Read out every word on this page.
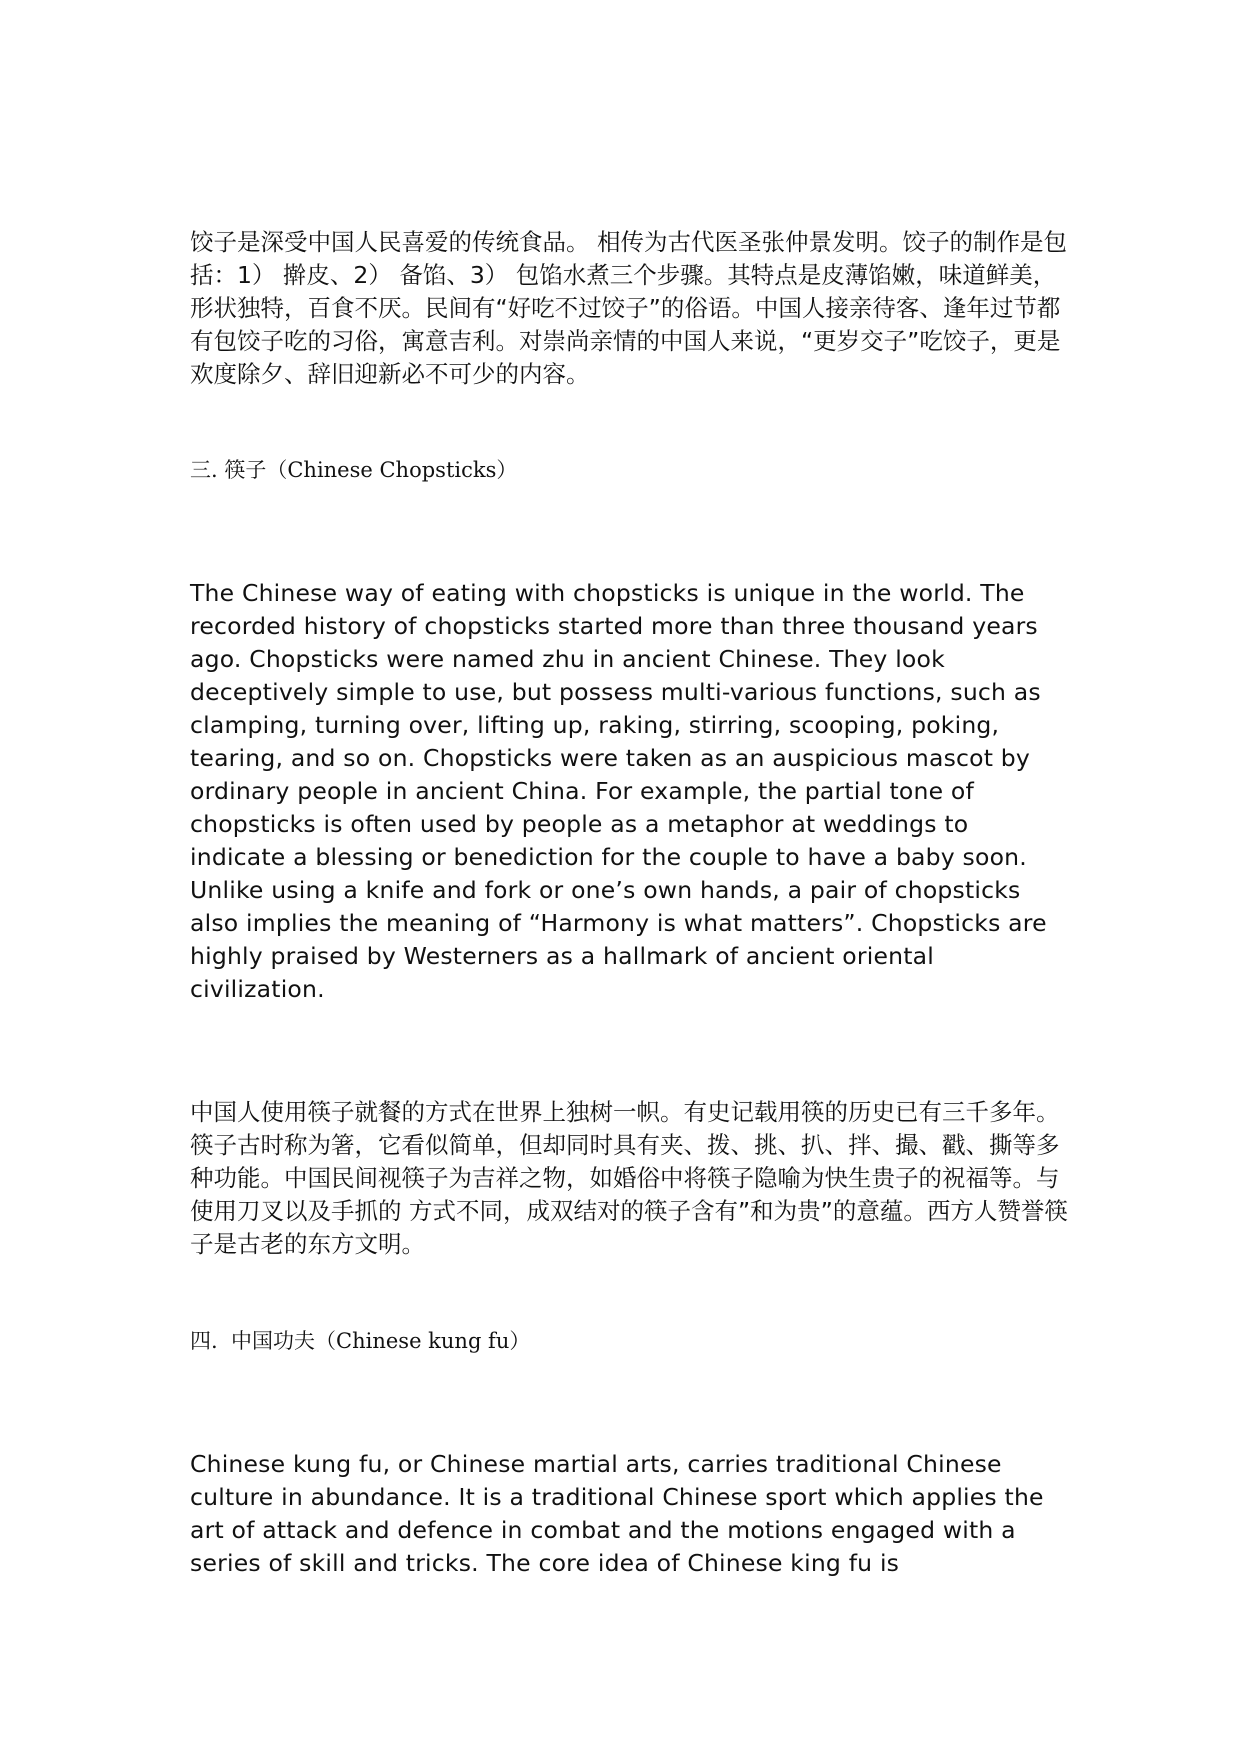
饺子是深受中国人民喜爱的传统食品。 相传为古代医圣张仲景发明。饺子的制作是包括：1） 擀皮、2） 备馅、3） 包馅水煮三个步骤。其特点是皮薄馅嫩，味道鲜美，形状独特，百食不厌。民间有“好吃不过饺子”的俗语。中国人接亲待客、逢年过节都有包饺子吃的习俗，寓意吉利。对崇尚亲情的中国人来说，“更岁交子”吃饺子，更是欢度除夕、辞旧迎新必不可少的内容。

三. 筷子（Chinese Chopsticks）

The Chinese way of eating with chopsticks is unique in the world. The recorded history of chopsticks started more than three thousand years ago. Chopsticks were named zhu in ancient Chinese. They look deceptively simple to use, but possess multi-various functions, such as clamping, turning over, lifting up, raking, stirring, scooping, poking, tearing, and so on. Chopsticks were taken as an auspicious mascot by ordinary people in ancient China. For example, the partial tone of chopsticks is often used by people as a metaphor at weddings to indicate a blessing or benediction for the couple to have a baby soon. Unlike using a knife and fork or one’s own hands, a pair of chopsticks also implies the meaning of “Harmony is what matters”. Chopsticks are highly praised by Westerners as a hallmark of ancient oriental civilization.

中国人使用筷子就餐的方式在世界上独树一帜。有史记载用筷的历史已有三千多年。筷子古时称为箸，它看似简单，但却同时具有夹、拨、挑、扒、拌、撮、戳、撕等多种功能。中国民间视筷子为吉祥之物，如婚俗中将筷子隐喻为快生贵子的祝福等。与使用刀叉以及手抓的 方式不同，成双结对的筷子含有”和为贵”的意蕴。西方人赞誉筷子是古老的东方文明。

四.  中国功夫（Chinese kung fu）

Chinese kung fu, or Chinese martial arts, carries traditional Chinese culture in abundance. It is a traditional Chinese sport which applies the art of attack and defence in combat and the motions engaged with a series of skill and tricks. The core idea of Chinese king fu is
